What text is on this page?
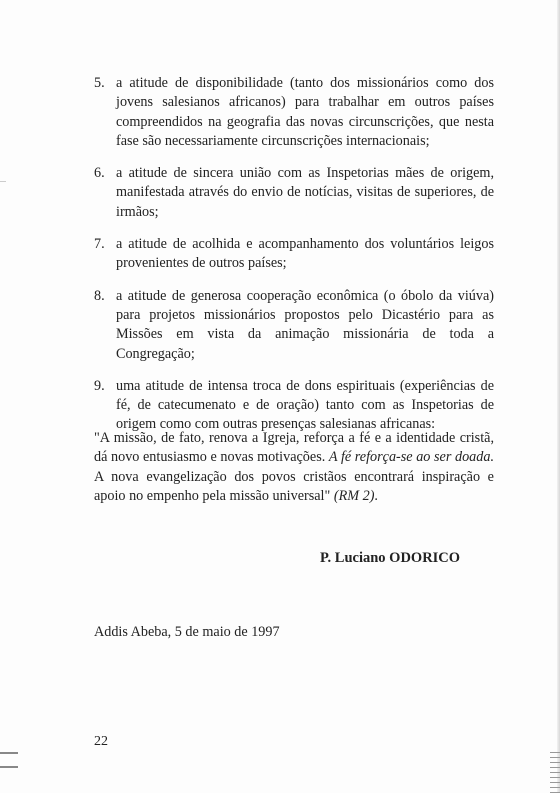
5. a atitude de disponibilidade (tanto dos missionários como dos jovens salesianos africanos) para trabalhar em outros países compreendidos na geografia das novas circunscrições, que nesta fase são necessariamente circunscrições internacionais;
6. a atitude de sincera união com as Inspetorias mães de origem, manifestada através do envio de notícias, visitas de superiores, de irmãos;
7. a atitude de acolhida e acompanhamento dos voluntários leigos provenientes de outros países;
8. a atitude de generosa cooperação econômica (o óbolo da viúva) para projetos missionários propostos pelo Dicastério para as Missões em vista da animação missionária de toda a Congregação;
9. uma atitude de intensa troca de dons espirituais (experiências de fé, de catecumenato e de oração) tanto com as Inspetorias de origem como com outras presenças salesianas africanas:

"A missão, de fato, renova a Igreja, reforça a fé e a identidade cristã, dá novo entusiasmo e novas motivações. A fé reforça-se ao ser doada. A nova evangelização dos povos cristãos encontrará inspiração e apoio no empenho pela missão universal" (RM 2).

P. Luciano ODORICO
Addis Abeba, 5 de maio de 1997
22
